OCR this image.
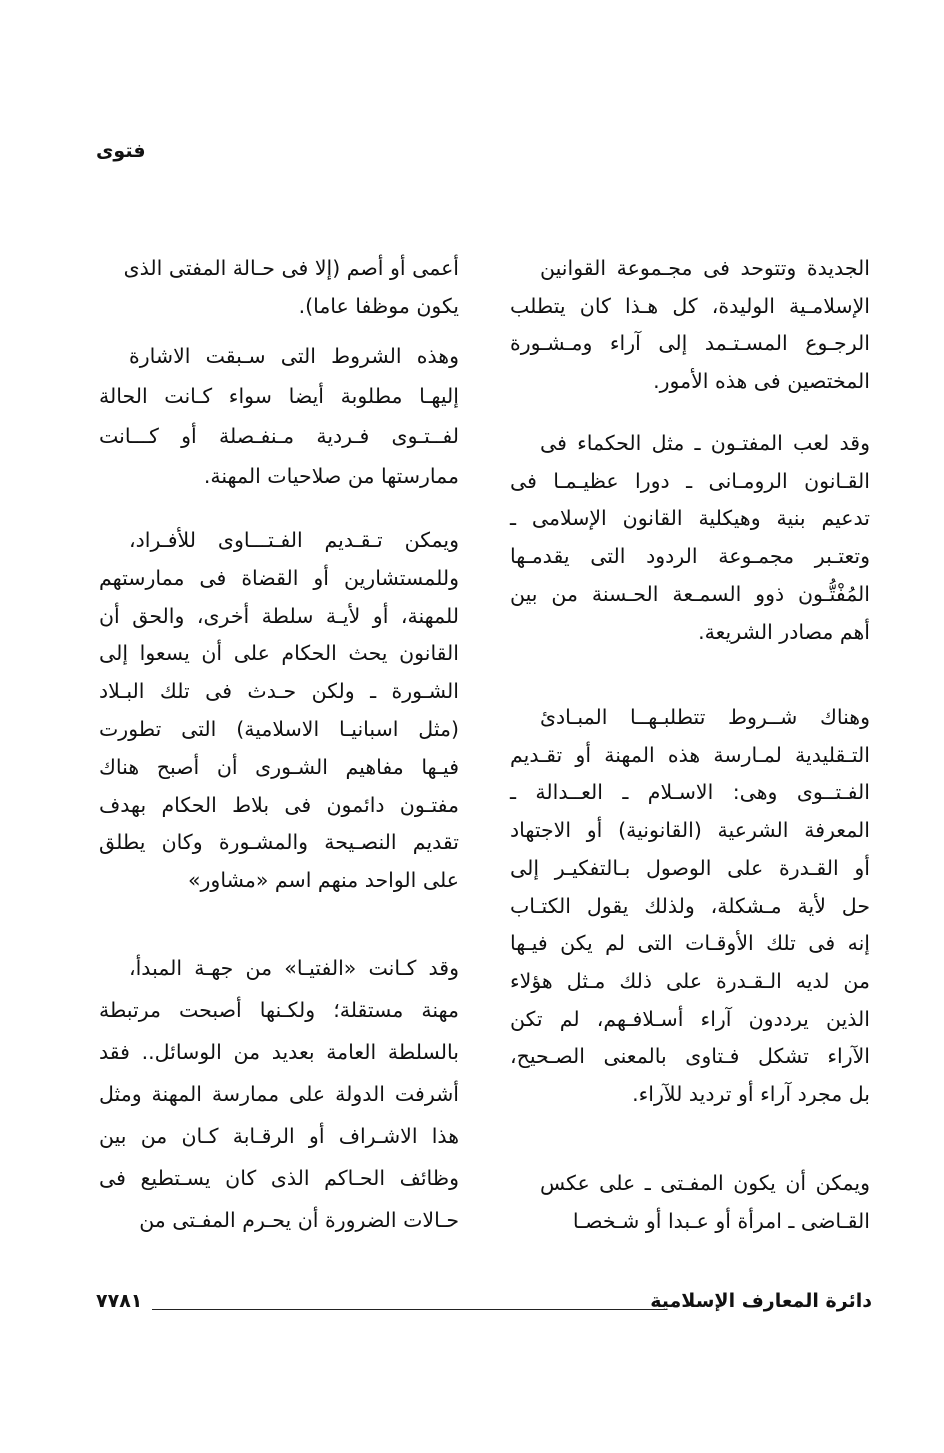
فتوى
الجديدة وتتوحد فى مجـموعة القوانين
الإسلامـية الوليدة، كل هـذا كان يتطلب
الرجـوع المسـتـمد إلى آراء ومـشـورة
المختصين فى هذه الأمور.
وقد لعب المفتـون ـ مثل الحكماء فى
القـانون الرومـانى ـ دورا عظيـمـا فى
تدعيم بنية وهيكلية القانون الإسلامى ـ
وتعتـبر مجمـوعة الردود التى يقدمـها
المُفْتُّـون ذوو السمـعة الحـسنة من بين
أهم مصادر الشريعة.
وهناك شــروط تتطلبـهــا المبـادئ
التـقليدية لمـارسة هذه المهنة أو تقـديم
الفـتــوى وهى: الاسـلام ـ العــدالة ـ
المعرفة الشرعية (القانونية) أو الاجتهاد
أو القـدرة على الوصول بـالتفكيـر إلى
حل لأية مـشكلة، ولذلك يقول الكتـاب
إنه فى تلك الأوقـات التى لم يكن فيـها
من لديه الـقـدرة على ذلك مـثل هؤلاء
الذين يرددون آراء أسـلافـهم، لم تكن
الآراء تشكل فـتاوى بالمعنى الصـحيح،
بل مجرد آراء أو ترديد للآراء.
ويمكن أن يكون المفـتى ـ على عكس
القـاضى ـ امرأة أو عـبدا أو شـخصـا
أعمى أو أصم (إلا فى حـالة المفتى الذى
يكون موظفا عاما).
وهذه الشروط التى سـبقت الاشارة
إليهـا مطلوبة أيضا سواء كـانت الحالة
لفــتـوى فـردية مـنفـصلة أو كـــانت
ممارستها من صلاحيات المهنة.
ويمكن تـقـديم الفـتـــاوى للأفـراد،
وللمستشارين أو القضاة فى ممارستهم
للمهنة، أو لأيـة سلطة أخرى، والحق أن
القانون يحث الحكام على أن يسعوا إلى
الشـورة ـ ولكن حـدث فى تلك البـلاد
(مثل اسبانيـا الاسلامية) التى تطورت
فيـها مفاهيم الشـورى أن أصبح هناك
مفتـون دائمون فى بلاط الحكام بهدف
تقديم النصـيحة والمشـورة وكان يطلق
على الواحد منهم اسم «مشاور»
وقد كـانت «الفتيـا» من جهـة المبدأ،
مهنة مستقلة؛ ولكـنها أصبحت مرتبطة
بالسلطة العامة بعديد من الوسائل.. فقد
أشرفت الدولة على ممارسة المهنة ومثل
هذا الاشـراف أو الرقـابة كـان من بين
وظائف الحـاكم الذى كان يسـتطيع فى
حـالات الضرورة أن يحـرم المفـتى من
دائرة المعارف الإسلامية
٧٧٨١
